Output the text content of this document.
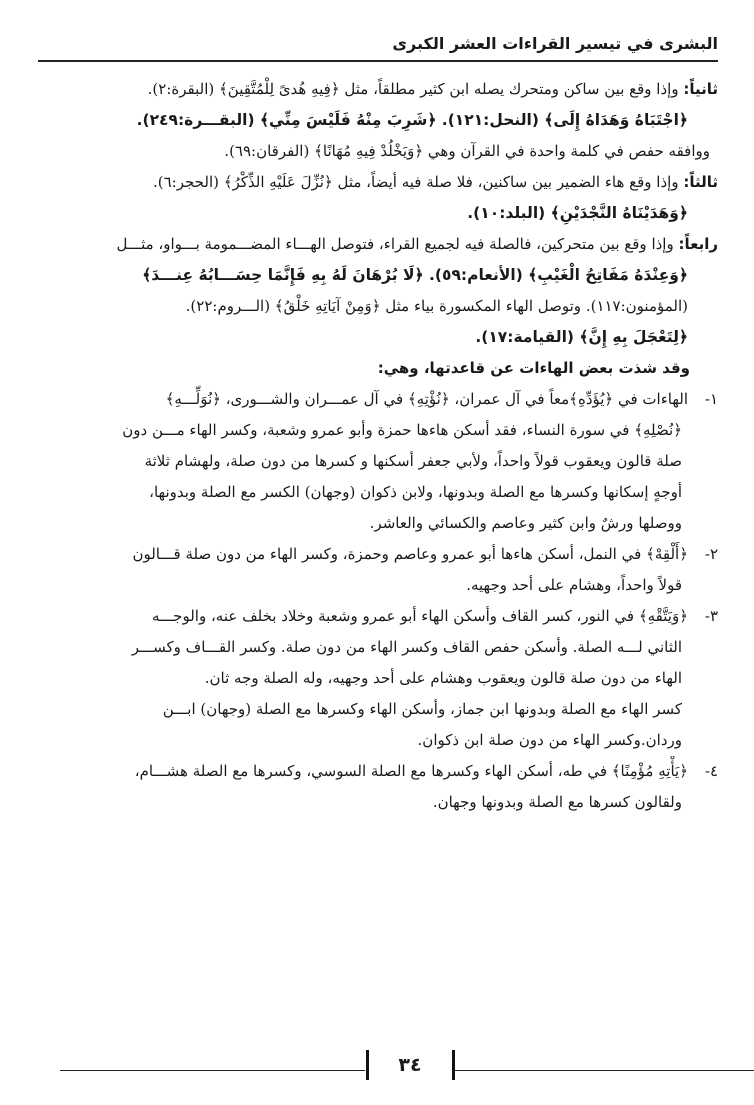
البشرى في تيسير القراءات العشر الكبرى
ثانياً: وإذا وقع بين ساكن ومتحرك يصله ابن كثير مطلقاً، مثل ﴿فِيهِ هُدىً لِلْمُتَّقِينَ﴾ (البقرة:٢).
﴿اجْتَبَاهُ وَهَدَاهُ إِلَى﴾ (النحل:١٢١). ﴿شَرِبَ مِنْهُ فَلَيْسَ مِنِّي﴾ (البقـــرة:٢٤٩).
ووافقه حفص في كلمة واحدة في القرآن وهي ﴿وَيَخْلُدْ فِيهِ مُهَانًا﴾ (الفرقان:٦٩).
ثالثاً: وإذا وقع هاء الضمير بين ساكنين، فلا صلة فيه أيضاً، مثل ﴿نُزِّلَ عَلَيْهِ الذِّكْرُ﴾ (الحجر:٦).
﴿وَهَدَيْنَاهُ النَّجْدَيْنِ﴾ (البلد:١٠).
رابعاً: وإذا وقع بين متحركين، فالصلة فيه لجميع القراء، فتوصل الهـــاء المضـــمومة بـــواو، مثـــل
﴿وَعِنْدَهُ مَفَاتِحُ الْغَيْبِ﴾ (الأنعام:٥٩). ﴿لَا بُرْهَانَ لَهُ بِهِ فَإِنَّمَا حِسَـــابُهُ عِنـــدَ﴾
(المؤمنون:١١٧). وتوصل الهاء المكسورة بياء مثل ﴿وَمِنْ آيَاتِهِ خَلْقُ﴾ (الـــروم:٢٢).
﴿لِتَعْجَلَ بِهِ إِنَّ﴾ (القيامة:١٧).
وقد شذت بعض الهاءات عن قاعدتها، وهي:
١-الهاءات في ﴿يُؤَدِّهِ﴾معاً في آل عمران، ﴿نُؤْتِهِ﴾ في آل عمـــران والشـــورى، ﴿نُوَلِّـــهِ﴾
﴿نُصْلِهِ﴾ في سورة النساء، فقد أسكن هاءها حمزة وأبو عمرو وشعبة، وكسر الهاء مـــن دون
صلة قالون ويعقوب قولاً واحداً، ولأبي جعفر أسكنها و كسرها من دون صلة، ولهشام ثلاثة
أوجهٍ إسكانها وكسرها مع الصلة وبدونها، ولابن ذكوان (وجهان) الكسر مع الصلة وبدونها،
ووصلها ورشٌ وابن كثير وعاصم والكسائي والعاشر.
٢-﴿أَلْقِهْ﴾ في النمل، أسكن هاءها أبو عمرو وعاصم وحمزة، وكسر الهاء من دون صلة قـــالون
قولاً واحداً، وهشام على أحد وجهيه.
٣-﴿وَيَتَّقْهِ﴾ في النور، كسر القاف وأسكن الهاء أبو عمرو وشعبة وخلاد بخلف عنه، والوجـــه
الثاني لـــه الصلة. وأسكن حفص القاف وكسر الهاء من دون صلة. وكسر القـــاف وكســـر
الهاء من دون صلة قالون ويعقوب وهشام على أحد وجهيه، وله الصلة وجه ثان.
كسر الهاء مع الصلة وبدونها ابن جماز، وأسكن الهاء وكسرها مع الصلة (وجهان) ابـــن
وردان.وكسر الهاء من دون صلة ابن ذكوان.
٤-﴿يَأْتِهِ مُؤْمِنًا﴾ في طه، أسكن الهاء وكسرها مع الصلة السوسي، وكسرها مع الصلة هشـــام،
ولقالون كسرها مع الصلة وبدونها وجهان.
٣٤
